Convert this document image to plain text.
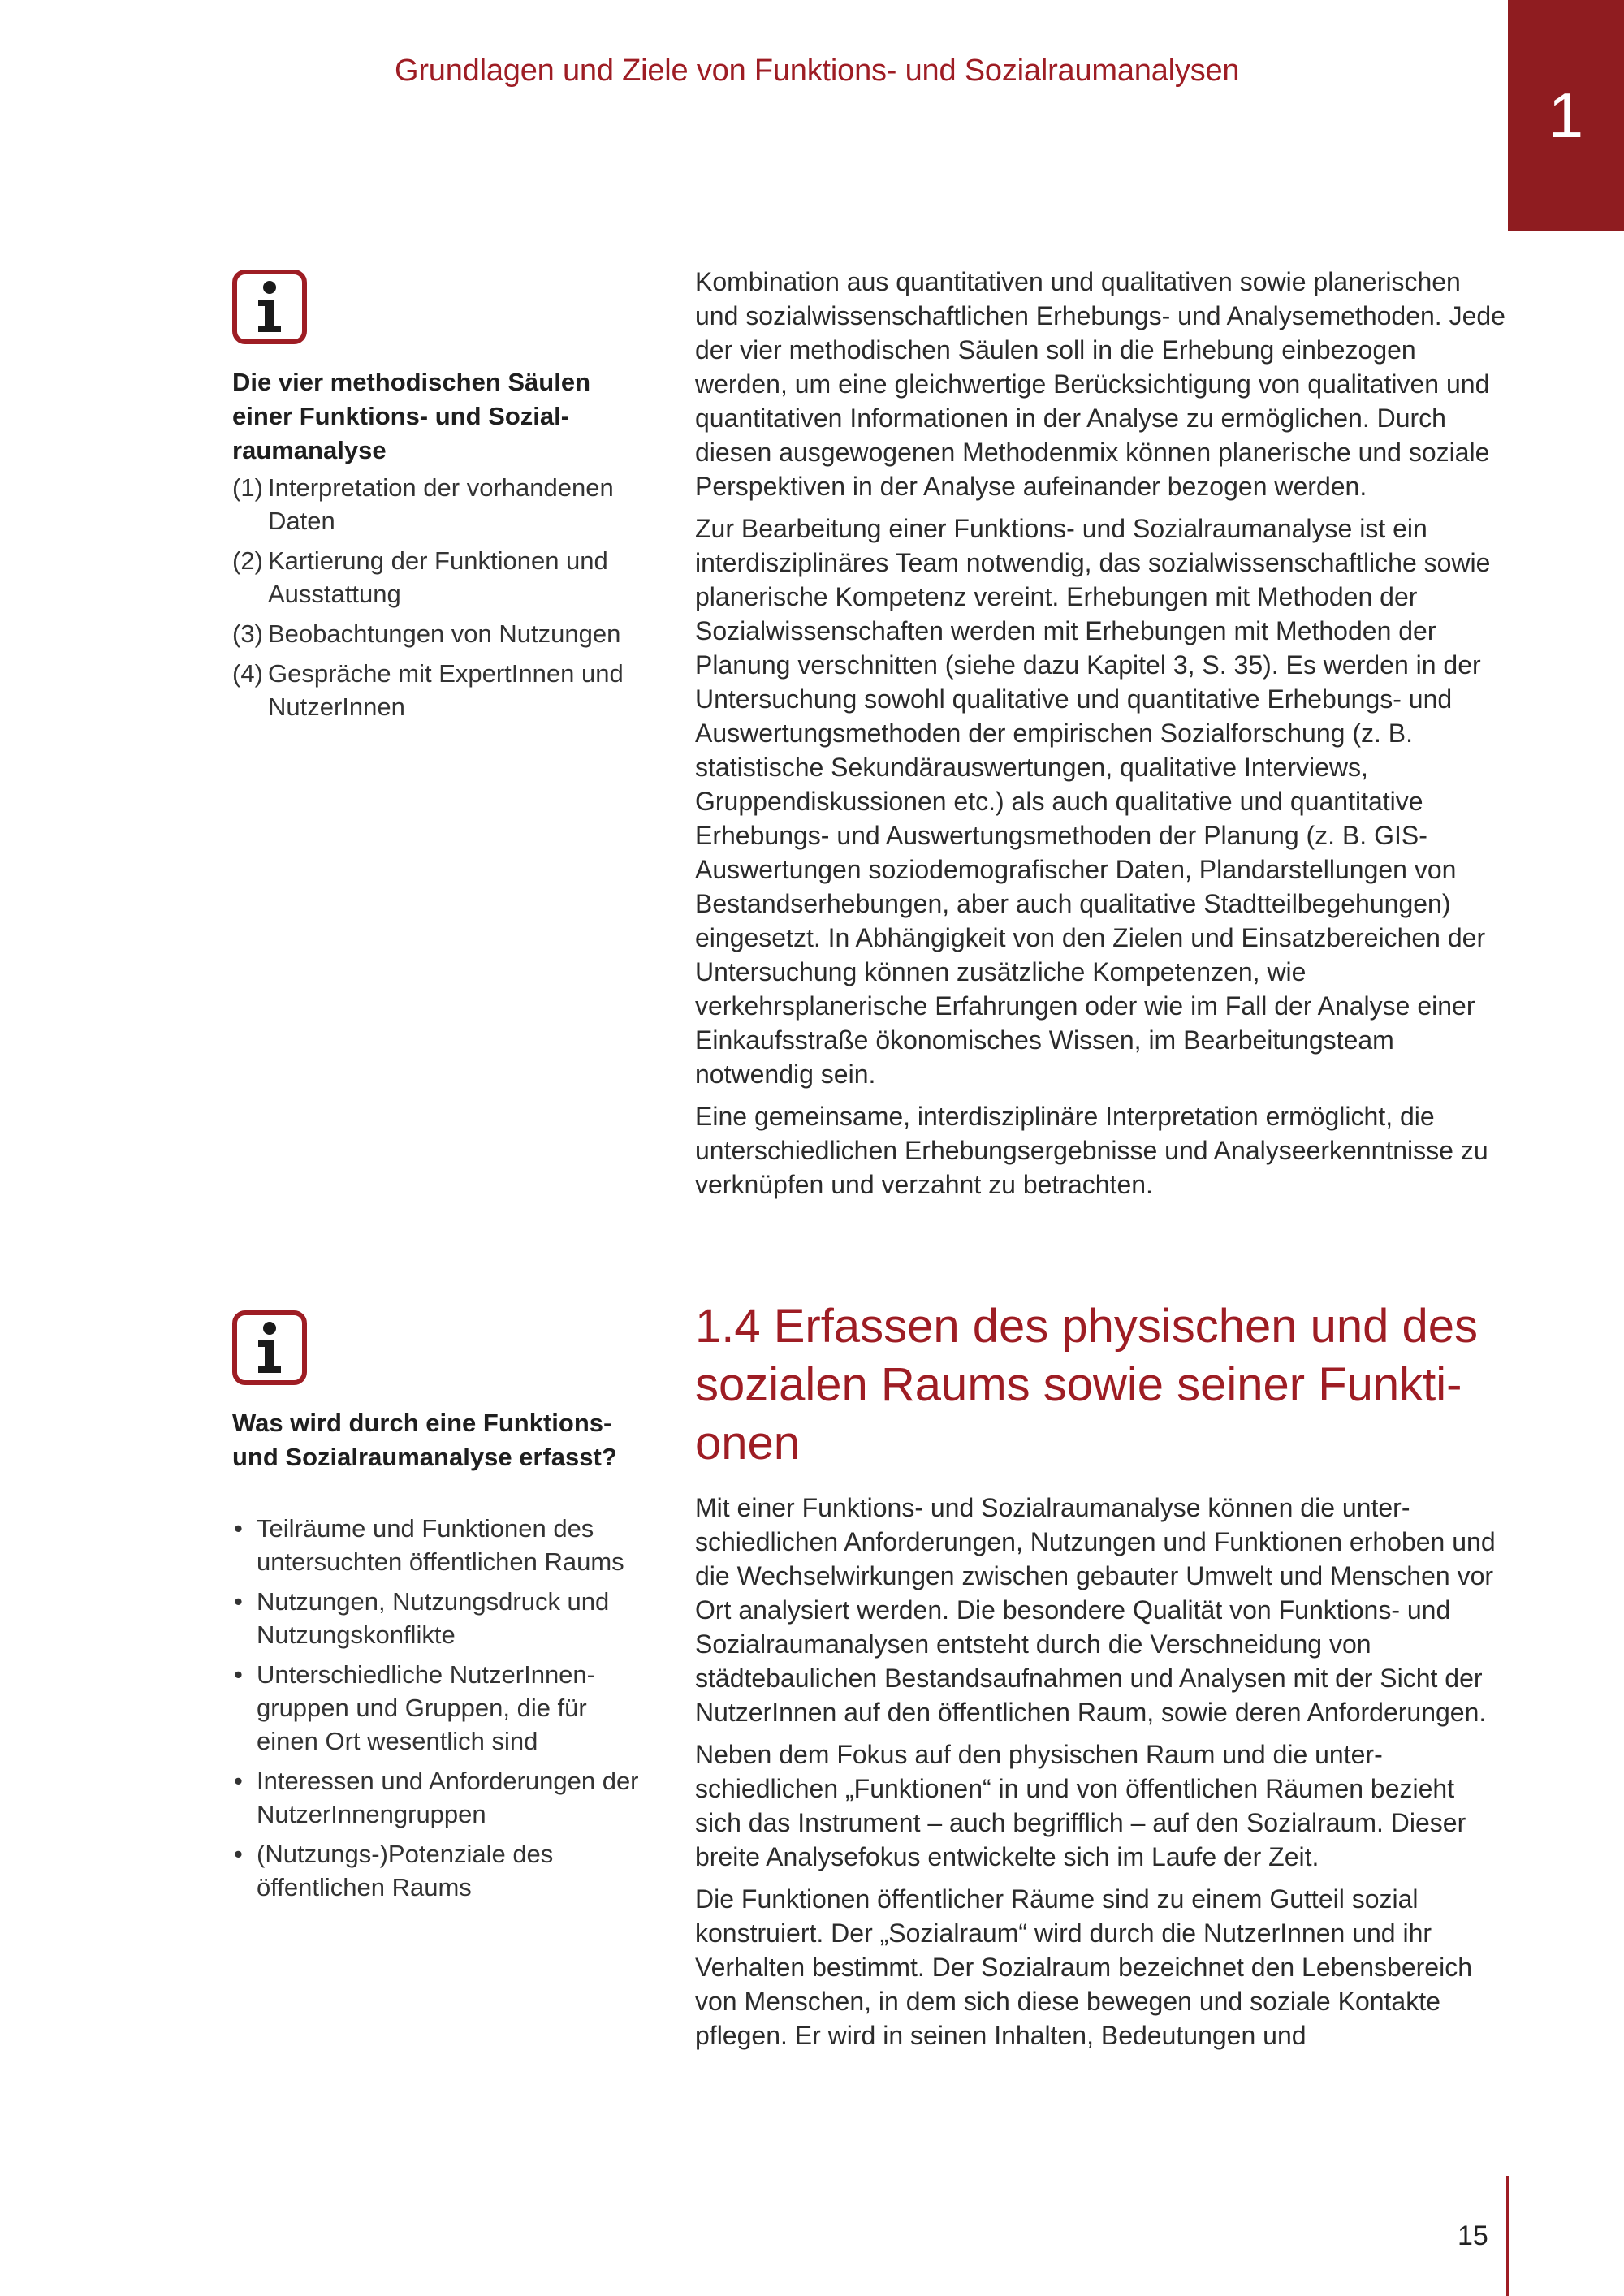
Grundlagen und Ziele von Funktions- und Sozialraumanalysen
1
Die vier methodischen Säulen einer Funktions- und Sozialraumanalyse
(1) Interpretation der vorhandenen Daten
(2) Kartierung der Funktionen und Ausstattung
(3) Beobachtungen von Nutzungen
(4) Gespräche mit ExpertInnen und NutzerInnen

Kombination aus quantitativen und qualitativen sowie planerischen und sozialwissenschaftlichen Erhebungs- und Analysemethoden. Jede der vier methodischen Säulen soll in die Erhebung einbezogen werden, um eine gleichwertige Berücksichtigung von qualitativen und quantitativen Informationen in der Analyse zu ermöglichen. Durch diesen ausgewogenen Methodenmix können planerische und soziale Perspektiven in der Analyse aufeinander bezogen werden.

Zur Bearbeitung einer Funktions- und Sozialraumanalyse ist ein interdisziplinäres Team notwendig, das sozialwissenschaftliche sowie planerische Kompetenz vereint. Erhebungen mit Methoden der Sozialwissenschaften werden mit Erhebungen mit Methoden der Planung verschnitten (siehe dazu Kapitel 3, S. 35). Es werden in der Untersuchung sowohl qualitative und quantitative Erhebungs- und Auswertungsmethoden der empirischen Sozialforschung (z. B. statistische Sekundärauswertungen, qualitative Interviews, Gruppendiskussionen etc.) als auch qualitative und quantitative Erhebungs- und Auswertungsmethoden der Planung (z. B. GIS-Auswertungen soziodemografischer Daten, Plandarstellungen von Bestandserhebungen, aber auch qualitative Stadtteilbegehungen) eingesetzt. In Abhängigkeit von den Zielen und Einsatzbereichen der Untersuchung können zusätzliche Kompetenzen, wie verkehrsplanerische Erfahrungen oder wie im Fall der Analyse einer Einkaufsstraße ökonomisches Wissen, im Bearbeitungsteam notwendig sein.

Eine gemeinsame, interdisziplinäre Interpretation ermöglicht, die unterschiedlichen Erhebungsergebnisse und Analyseerkenntnisse zu verknüpfen und verzahnt zu betrachten.

Was wird durch eine Funktions- und Sozialraumanalyse erfasst?
• Teilräume und Funktionen des untersuchten öffentlichen Raums
• Nutzungen, Nutzungsdruck und Nutzungskonflikte
• Unterschiedliche NutzerInnengruppen und Gruppen, die für einen Ort wesentlich sind
• Interessen und Anforderungen der NutzerInnengruppen
• (Nutzungs-)Potenziale des öffentlichen Raums
1.4 Erfassen des physischen und des sozialen Raums sowie seiner Funktionen

Mit einer Funktions- und Sozialraumanalyse können die unterschiedlichen Anforderungen, Nutzungen und Funktionen erhoben und die Wechselwirkungen zwischen gebauter Umwelt und Menschen vor Ort analysiert werden. Die besondere Qualität von Funktions- und Sozialraumanalysen entsteht durch die Verschneidung von städtebaulichen Bestandsaufnahmen und Analysen mit der Sicht der NutzerInnen auf den öffentlichen Raum, sowie deren Anforderungen.

Neben dem Fokus auf den physischen Raum und die unterschiedlichen „Funktionen“ in und von öffentlichen Räumen bezieht sich das Instrument – auch begrifflich – auf den Sozialraum. Dieser breite Analysefokus entwickelte sich im Laufe der Zeit.

Die Funktionen öffentlicher Räume sind zu einem Gutteil sozial konstruiert. Der „Sozialraum“ wird durch die NutzerInnen und ihr Verhalten bestimmt. Der Sozialraum bezeichnet den Lebensbereich von Menschen, in dem sich diese bewegen und soziale Kontakte pflegen. Er wird in seinen Inhalten, Bedeutungen und

15
